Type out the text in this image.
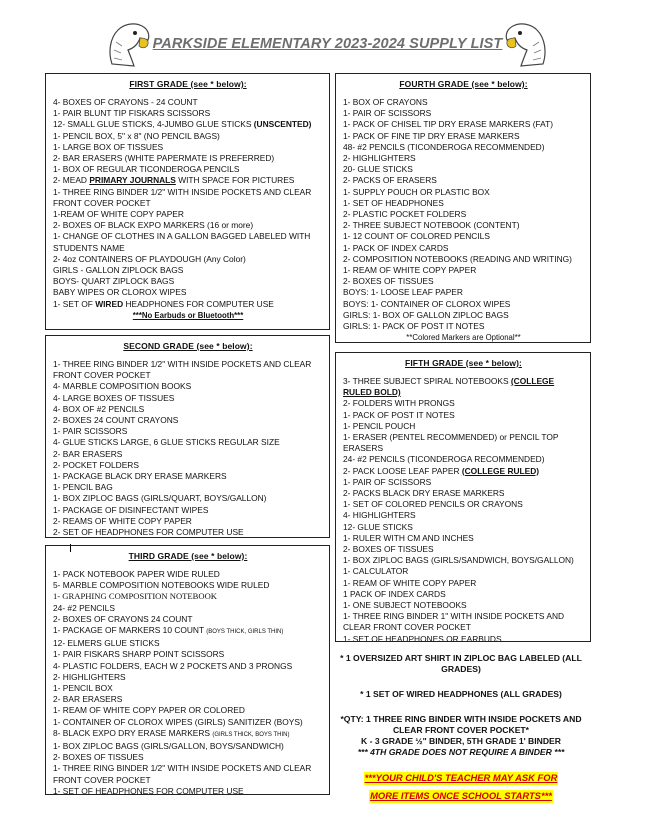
PARKSIDE ELEMENTARY 2023-2024 SUPPLY LIST
FIRST GRADE (see * below):
4- BOXES OF CRAYONS - 24 COUNT
1- PAIR BLUNT TIP FISKARS SCISSORS
12- SMALL GLUE STICKS, 4-JUMBO GLUE STICKS (UNSCENTED)
1- PENCIL BOX, 5" x 8" (NO PENCIL BAGS)
1- LARGE BOX OF TISSUES
2- BAR ERASERS (WHITE PAPERMATE IS PREFERRED)
1- BOX OF REGULAR TICONDEROGA PENCILS
2- MEAD PRIMARY JOURNALS WITH SPACE FOR PICTURES
1- THREE RING BINDER 1/2" WITH INSIDE POCKETS AND CLEAR FRONT COVER POCKET
1-REAM OF WHITE COPY PAPER
2- BOXES OF BLACK EXPO MARKERS (16 or more)
1- CHANGE OF CLOTHES IN A GALLON BAGGED LABELED WITH STUDENTS NAME
2- 4oz CONTAINERS OF PLAYDOUGH (Any Color)
GIRLS - GALLON ZIPLOCK BAGS
BOYS- QUART ZIPLOCK BAGS
BABY WIPES OR CLOROX WIPES
1- SET OF WIRED HEADPHONES FOR COMPUTER USE
***No Earbuds or Bluetooth***
SECOND GRADE (see * below):
1- THREE RING BINDER 1/2" WITH INSIDE POCKETS AND CLEAR FRONT COVER POCKET
4- MARBLE COMPOSITION BOOKS
4- LARGE BOXES OF TISSUES
4- BOX OF #2 PENCILS
2- BOXES 24 COUNT CRAYONS
1- PAIR SCISSORS
4- GLUE STICKS LARGE, 6 GLUE STICKS REGULAR SIZE
2- BAR ERASERS
2- POCKET FOLDERS
1- PACKAGE BLACK DRY ERASE MARKERS
1- PENCIL BAG
1- BOX ZIPLOC BAGS (GIRLS/QUART, BOYS/GALLON)
1- PACKAGE OF DISINFECTANT WIPES
2- REAMS OF WHITE COPY PAPER
2- SET OF HEADPHONES FOR COMPUTER USE
THIRD GRADE (see * below):
1- PACK NOTEBOOK PAPER WIDE RULED
5- MARBLE COMPOSITION NOTEBOOKS WIDE RULED
1- GRAPHING COMPOSITION NOTEBOOK
24- #2 PENCILS
2- BOXES OF CRAYONS 24 COUNT
1- PACKAGE OF MARKERS 10 COUNT (BOYS THICK, GIRLS THIN)
12- ELMERS GLUE STICKS
1- PAIR FISKARS SHARP POINT SCISSORS
4- PLASTIC FOLDERS, EACH W 2 POCKETS AND 3 PRONGS
2- HIGHLIGHTERS
1- PENCIL BOX
2- BAR ERASERS
1- REAM OF WHITE COPY PAPER OR COLORED
1- CONTAINER OF CLOROX WIPES (GIRLS) SANITIZER (BOYS)
8- BLACK EXPO DRY ERASE MARKERS (GIRLS THICK, BOYS THIN)
1- BOX ZIPLOC BAGS (GIRLS/GALLON, BOYS/SANDWICH)
2- BOXES OF TISSUES
1- THREE RING BINDER 1/2" WITH INSIDE POCKETS AND CLEAR FRONT COVER POCKET
1- SET OF HEADPHONES FOR COMPUTER USE
FOURTH GRADE (see * below):
1- BOX OF CRAYONS
1- PAIR OF SCISSORS
1- PACK OF CHISEL TIP DRY ERASE MARKERS (FAT)
1- PACK OF FINE TIP DRY ERASE MARKERS
48- #2 PENCILS (TICONDEROGA RECOMMENDED)
2- HIGHLIGHTERS
20- GLUE STICKS
2- PACKS OF ERASERS
1- SUPPLY POUCH OR PLASTIC BOX
1- SET OF HEADPHONES
2- PLASTIC POCKET FOLDERS
2- THREE SUBJECT NOTEBOOK (CONTENT)
1- 12 COUNT OF COLORED PENCILS
1- PACK OF INDEX CARDS
2- COMPOSITION NOTEBOOKS (READING AND WRITING)
1- REAM OF WHITE COPY PAPER
2- BOXES OF TISSUES
BOYS: 1- LOOSE LEAF PAPER
BOYS: 1- CONTAINER OF CLOROX WIPES
GIRLS: 1- BOX OF GALLON ZIPLOC BAGS
GIRLS: 1- PACK OF POST IT NOTES
**Colored Markers are Optional**
FIFTH GRADE (see * below):
3- THREE SUBJECT SPIRAL NOTEBOOKS (COLLEGE RULED BOLD)
2- FOLDERS WITH PRONGS
1- PACK OF POST IT NOTES
1- PENCIL POUCH
1- ERASER (PENTEL RECOMMENDED) or PENCIL TOP ERASERS
24- #2 PENCILS (TICONDEROGA RECOMMENDED)
2- PACK LOOSE LEAF PAPER (COLLEGE RULED)
1- PAIR OF SCISSORS
2- PACKS BLACK DRY ERASE MARKERS
1- SET OF COLORED PENCILS OR CRAYONS
4- HIGHLIGHTERS
12- GLUE STICKS
1- RULER WITH CM AND INCHES
2- BOXES OF TISSUES
1- BOX ZIPLOC BAGS (GIRLS/SANDWICH, BOYS/GALLON)
1- CALCULATOR
1- REAM OF WHITE COPY PAPER
1 PACK OF INDEX CARDS
1- ONE SUBJECT NOTEBOOKS
1- THREE RING BINDER 1" WITH INSIDE POCKETS AND CLEAR FRONT COVER POCKET
1- SET OF HEADPHONES OR EARBUDS

* 1 OVERSIZED ART SHIRT IN ZIPLOC BAG LABELED (ALL GRADES)

* 1 SET OF WIRED HEADPHONES (ALL GRADES)

*QTY: 1 THREE RING BINDER WITH INSIDE POCKETS AND CLEAR FRONT COVER POCKET*

K - 3 GRADE ½" BINDER, 5TH GRADE 1' BINDER

*** 4TH GRADE DOES NOT REQUIRE A BINDER ***

***YOUR CHILD'S TEACHER MAY ASK FOR
MORE ITEMS ONCE SCHOOL STARTS***
